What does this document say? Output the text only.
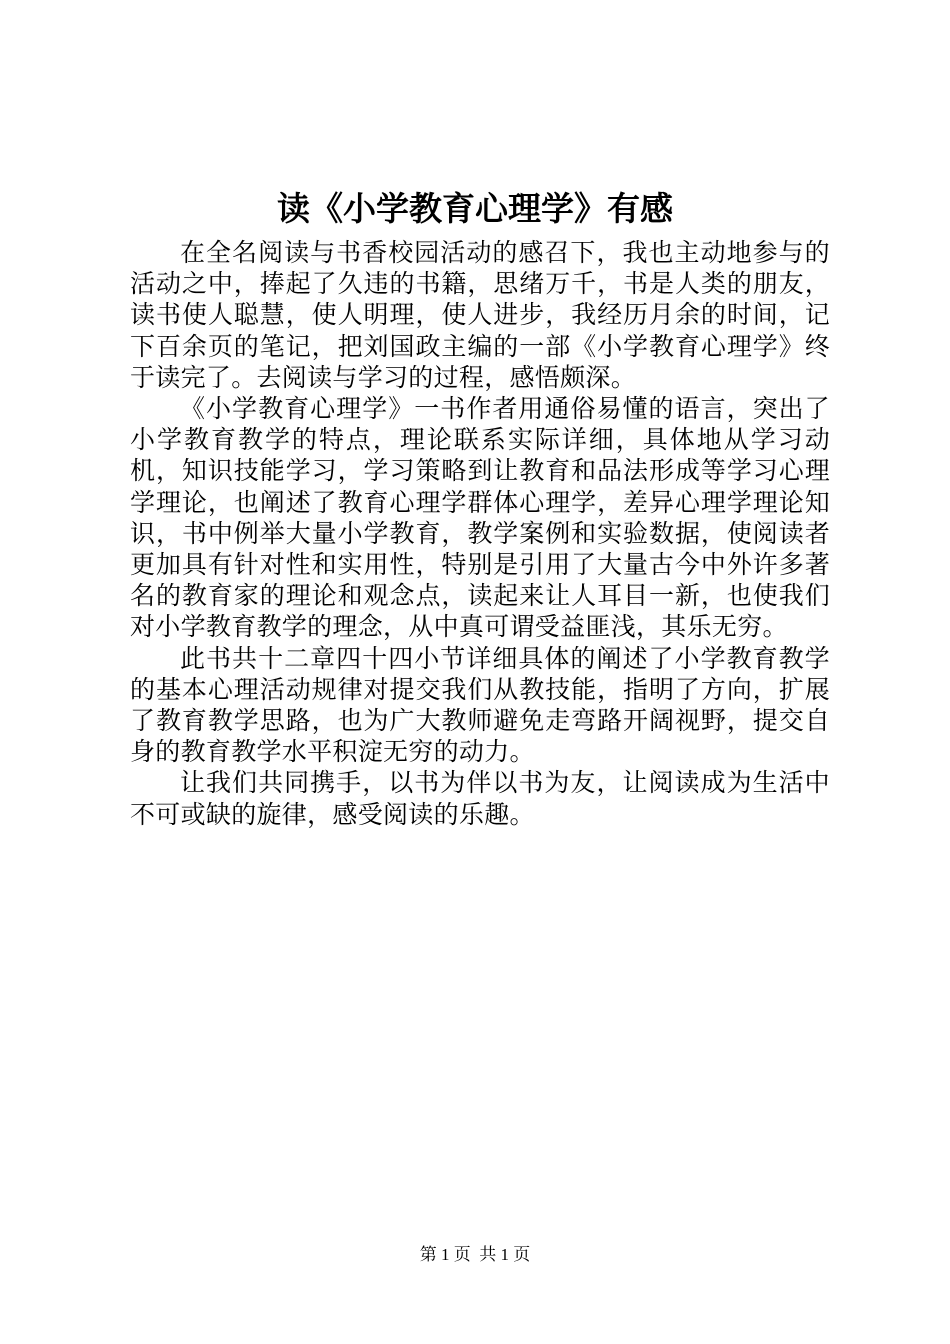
读《小学教育心理学》有感

在全名阅读与书香校园活动的感召下，我也主动地参与的活动之中，捧起了久违的书籍，思绪万千，书是人类的朋友，读书使人聪慧，使人明理，使人进步，我经历月余的时间，记下百余页的笔记，把刘国政主编的一部《小学教育心理学》终于读完了。去阅读与学习的过程，感悟颇深。

《小学教育心理学》一书作者用通俗易懂的语言，突出了小学教育教学的特点，理论联系实际详细，具体地从学习动机，知识技能学习，学习策略到让教育和品法形成等学习心理学理论，也阐述了教育心理学群体心理学，差异心理学理论知识，书中例举大量小学教育，教学案例和实验数据，使阅读者更加具有针对性和实用性，特别是引用了大量古今中外许多著名的教育家的理论和观念点，读起来让人耳目一新，也使我们对小学教育教学的理念，从中真可谓受益匪浅，其乐无穷。

此书共十二章四十四小节详细具体的阐述了小学教育教学的基本心理活动规律对提交我们从教技能，指明了方向，扩展了教育教学思路，也为广大教师避免走弯路开阔视野，提交自身的教育教学水平积淀无穷的动力。

让我们共同携手，以书为伴以书为友，让阅读成为生活中不可或缺的旋律，感受阅读的乐趣。

第 1 页  共 1 页
